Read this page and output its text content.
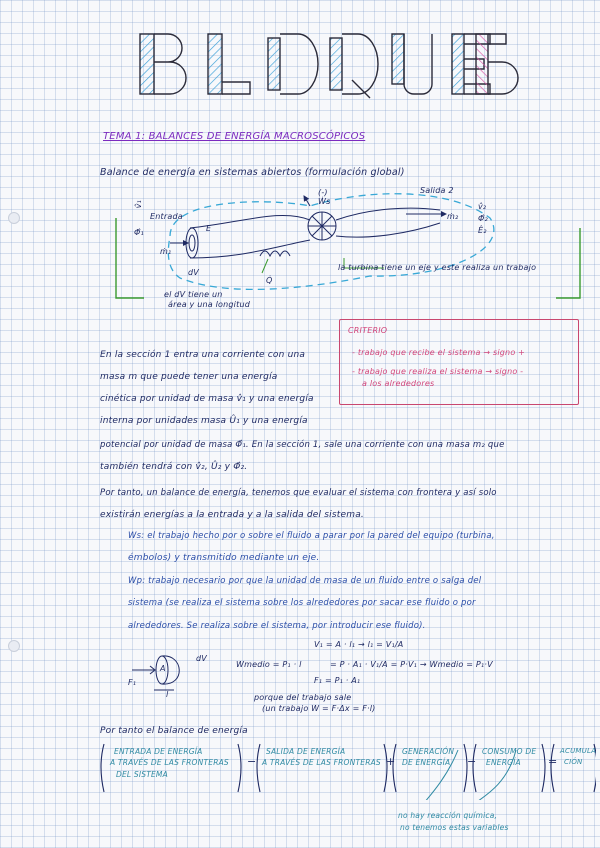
TEMA 1: BALANCES DE ENERGÍA MACROSCÓPICOS
Balance de energía en sistemas abiertos (formulación global)
Entrada
v̂₁
Φ̂₁
ṁ₁
E
(-)
Ẇs
Salida 2
ṁ₂
v̂₂
Φ̂₂
Ê₂
Q̇
dV
el dV tiene un
área y una longitud
la turbina tiene un eje y este realiza un trabajo
CRITERIO
- trabajo que recibe el sistema → signo +
- trabajo que realiza el sistema → signo -
a los alrededores
En la sección 1 entra una corriente con una
masa m que puede tener una energía
cinética por unidad de masa v̂₁ y una energía
interna por unidades masa Û₁ y una energía
potencial por unidad de masa Φ̂₁. En la sección 1, sale una corriente con una masa m₂ que
también tendrá con v̂₂, Û₂ y Φ̂₂.
Por tanto, un balance de energía, tenemos que evaluar el sistema con frontera y así solo
existirán energías a la entrada y a la salida del sistema.
Ws: el trabajo hecho por o sobre el fluido a parar por la pared del equipo (turbina,
émbolos) y transmitido mediante un eje.
Wp: trabajo necesario por que la unidad de masa de un fluido entre o salga del
sistema (se realiza el sistema sobre los alrededores por sacar ese fluido o por
alrededores. Se realiza sobre el sistema, por introducir ese fluido).
F₁
A
l
dV
V₁ = A · l₁ → l₁ = V₁/A
Wmedio = P₁ · l	= P · A₁ · V₁/A = P·V₁ → Wmedio = P₁·V
F₁ = P₁ · A₁
porque del trabajo sale
(un trabajo W = F·Δx = F·l)
Por tanto el balance de energía
ENTRADA DE ENERGÍA
A TRAVÉS DE LAS FRONTERAS
DEL SISTEMA
−
SALIDA DE ENERGÍA
A TRAVÉS DE LAS FRONTERAS +
GENERACIÓN
DE ENERGÍA −
CONSUMO DE
ENERGÍA =
ACUMULA
CIÓN
no hay reacción química,
no tenemos estas variables
